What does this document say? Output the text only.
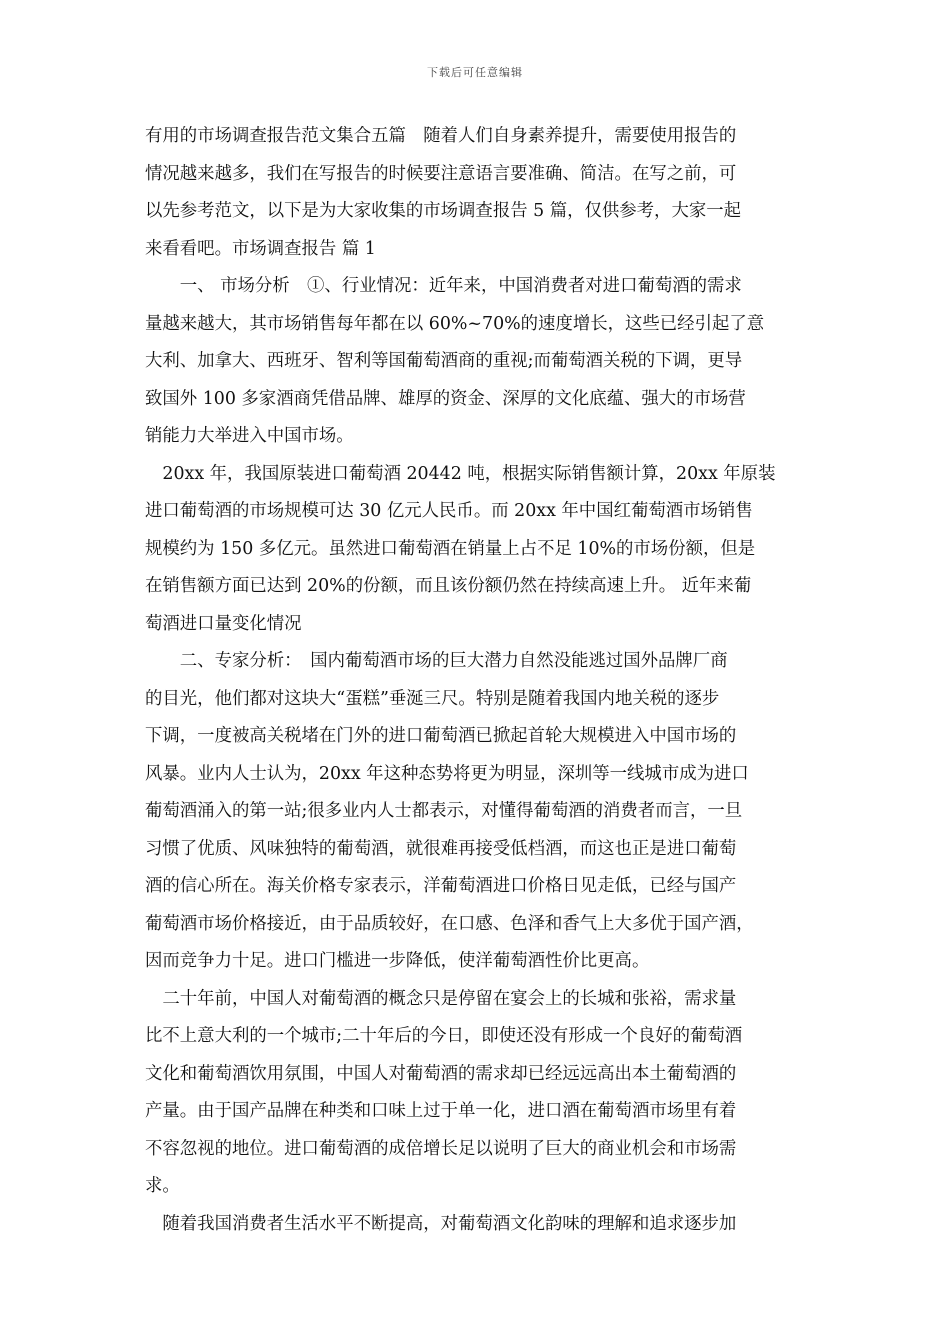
下载后可任意编辑
有用的市场调查报告范文集合五篇　随着人们自身素养提升，需要使用报告的
情况越来越多，我们在写报告的时候要注意语言要准确、简洁。在写之前，可
以先参考范文，以下是为大家收集的市场调查报告 5 篇，仅供参考，大家一起
来看看吧。市场调查报告 篇 1
　　一、 市场分析　①、行业情况：近年来，中国消费者对进口葡萄酒的需求
量越来越大，其市场销售每年都在以 60%~70%的速度增长，这些已经引起了意
大利、加拿大、西班牙、智利等国葡萄酒商的重视;而葡萄酒关税的下调，更导
致国外 100 多家酒商凭借品牌、雄厚的资金、深厚的文化底蕴、强大的市场营
销能力大举进入中国市场。
　20xx 年，我国原装进口葡萄酒 20442 吨，根据实际销售额计算，20xx 年原装
进口葡萄酒的市场规模可达 30 亿元人民币。而 20xx 年中国红葡萄酒市场销售
规模约为 150 多亿元。虽然进口葡萄酒在销量上占不足 10%的市场份额，但是
在销售额方面已达到 20%的份额，而且该份额仍然在持续高速上升。 近年来葡
萄酒进口量变化情况
　　二、专家分析：　国内葡萄酒市场的巨大潜力自然没能逃过国外品牌厂商
的目光，他们都对这块大“蛋糕”垂涎三尺。特别是随着我国内地关税的逐步
下调，一度被高关税堵在门外的进口葡萄酒已掀起首轮大规模进入中国市场的
风暴。业内人士认为，20xx 年这种态势将更为明显，深圳等一线城市成为进口
葡萄酒涌入的第一站;很多业内人士都表示，对懂得葡萄酒的消费者而言，一旦
习惯了优质、风味独特的葡萄酒，就很难再接受低档酒，而这也正是进口葡萄
酒的信心所在。海关价格专家表示，洋葡萄酒进口价格日见走低，已经与国产
葡萄酒市场价格接近，由于品质较好，在口感、色泽和香气上大多优于国产酒，
因而竞争力十足。进口门槛进一步降低，使洋葡萄酒性价比更高。
　二十年前，中国人对葡萄酒的概念只是停留在宴会上的长城和张裕，需求量
比不上意大利的一个城市;二十年后的今日，即使还没有形成一个良好的葡萄酒
文化和葡萄酒饮用氛围，中国人对葡萄酒的需求却已经远远高出本土葡萄酒的
产量。由于国产品牌在种类和口味上过于单一化，进口酒在葡萄酒市场里有着
不容忽视的地位。进口葡萄酒的成倍增长足以说明了巨大的商业机会和市场需
求。
　随着我国消费者生活水平不断提高，对葡萄酒文化韵味的理解和追求逐步加
